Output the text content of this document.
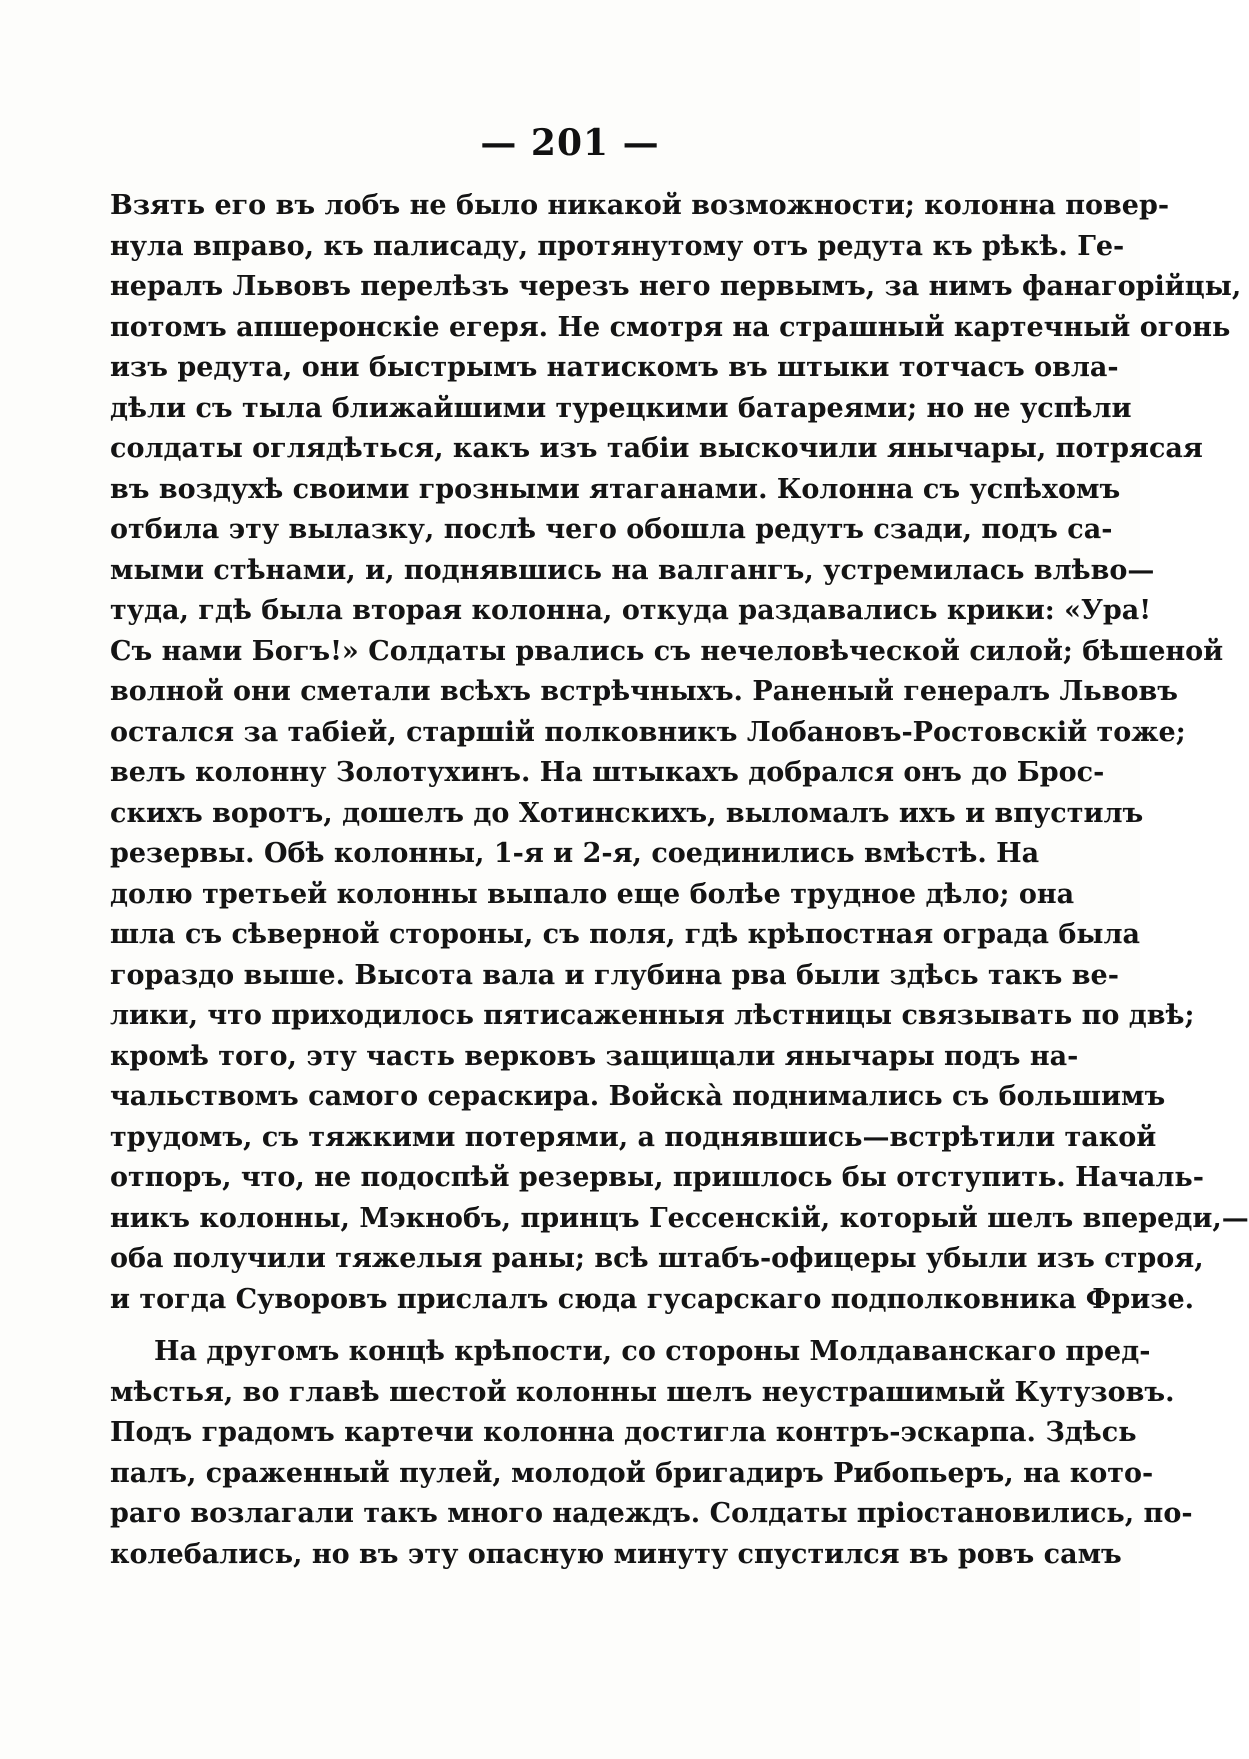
— 201 —
Взять его въ лобъ не было никакой возможности; колонна повер-
нула вправо, къ палисаду, протянутому отъ редута къ рѣкѣ. Ге-
нералъ Львовъ перелѣзъ черезъ него первымъ, за нимъ фанагорійцы,
потомъ апшеронскіе егеря. Не смотря на страшный картечный огонь
изъ редута, они быстрымъ натискомъ въ штыки тотчасъ овла-
дѣли съ тыла ближайшими турецкими батареями; но не успѣли
солдаты оглядѣться, какъ изъ табіи выскочили янычары, потрясая
въ воздухѣ своими грозными ятаганами. Колонна съ успѣхомъ
отбила эту вылазку, послѣ чего обошла редутъ сзади, подъ са-
мыми стѣнами, и, поднявшись на валгангъ, устремилась влѣво—
туда, гдѣ была вторая колонна, откуда раздавались крики: «Ура!
Съ нами Богъ!» Солдаты рвались съ нечеловѣческой силой; бѣшеной
волной они сметали всѣхъ встрѣчныхъ. Раненый генералъ Львовъ
остался за табіей, старшій полковникъ Лобановъ-Ростовскій тоже;
велъ колонну Золотухинъ. На штыкахъ добрался онъ до Брос-
скихъ воротъ, дошелъ до Хотинскихъ, выломалъ ихъ и впустилъ
резервы. Обѣ колонны, 1-я и 2-я, соединились вмѣстѣ. На
долю третьей колонны выпало еще болѣе трудное дѣло; она
шла съ сѣверной стороны, съ поля, гдѣ крѣпостная ограда была
гораздо выше. Высота вала и глубина рва были здѣсь такъ ве-
лики, что приходилось пятисаженныя лѣстницы связывать по двѣ;
кромѣ того, эту часть верковъ защищали янычары подъ на-
чальствомъ самого сераскира. Войскà поднимались съ большимъ
трудомъ, съ тяжкими потерями, а поднявшись—встрѣтили такой
отпоръ, что, не подоспѣй резервы, пришлось бы отступить. Началь-
никъ колонны, Мэкнобъ, принцъ Гессенскій, который шелъ впереди,—
оба получили тяжелыя раны; всѣ штабъ-офицеры убыли изъ строя,
и тогда Суворовъ прислалъ сюда гусарскаго подполковника Фризе.
На другомъ концѣ крѣпости, со стороны Молдаванскаго пред-
мѣстья, во главѣ шестой колонны шелъ неустрашимый Кутузовъ.
Подъ градомъ картечи колонна достигла контръ-эскарпа. Здѣсь
палъ, сраженный пулей, молодой бригадиръ Рибопьеръ, на кото-
раго возлагали такъ много надеждъ. Солдаты пріостановились, по-
колебались, но въ эту опасную минуту спустился въ ровъ самъ
